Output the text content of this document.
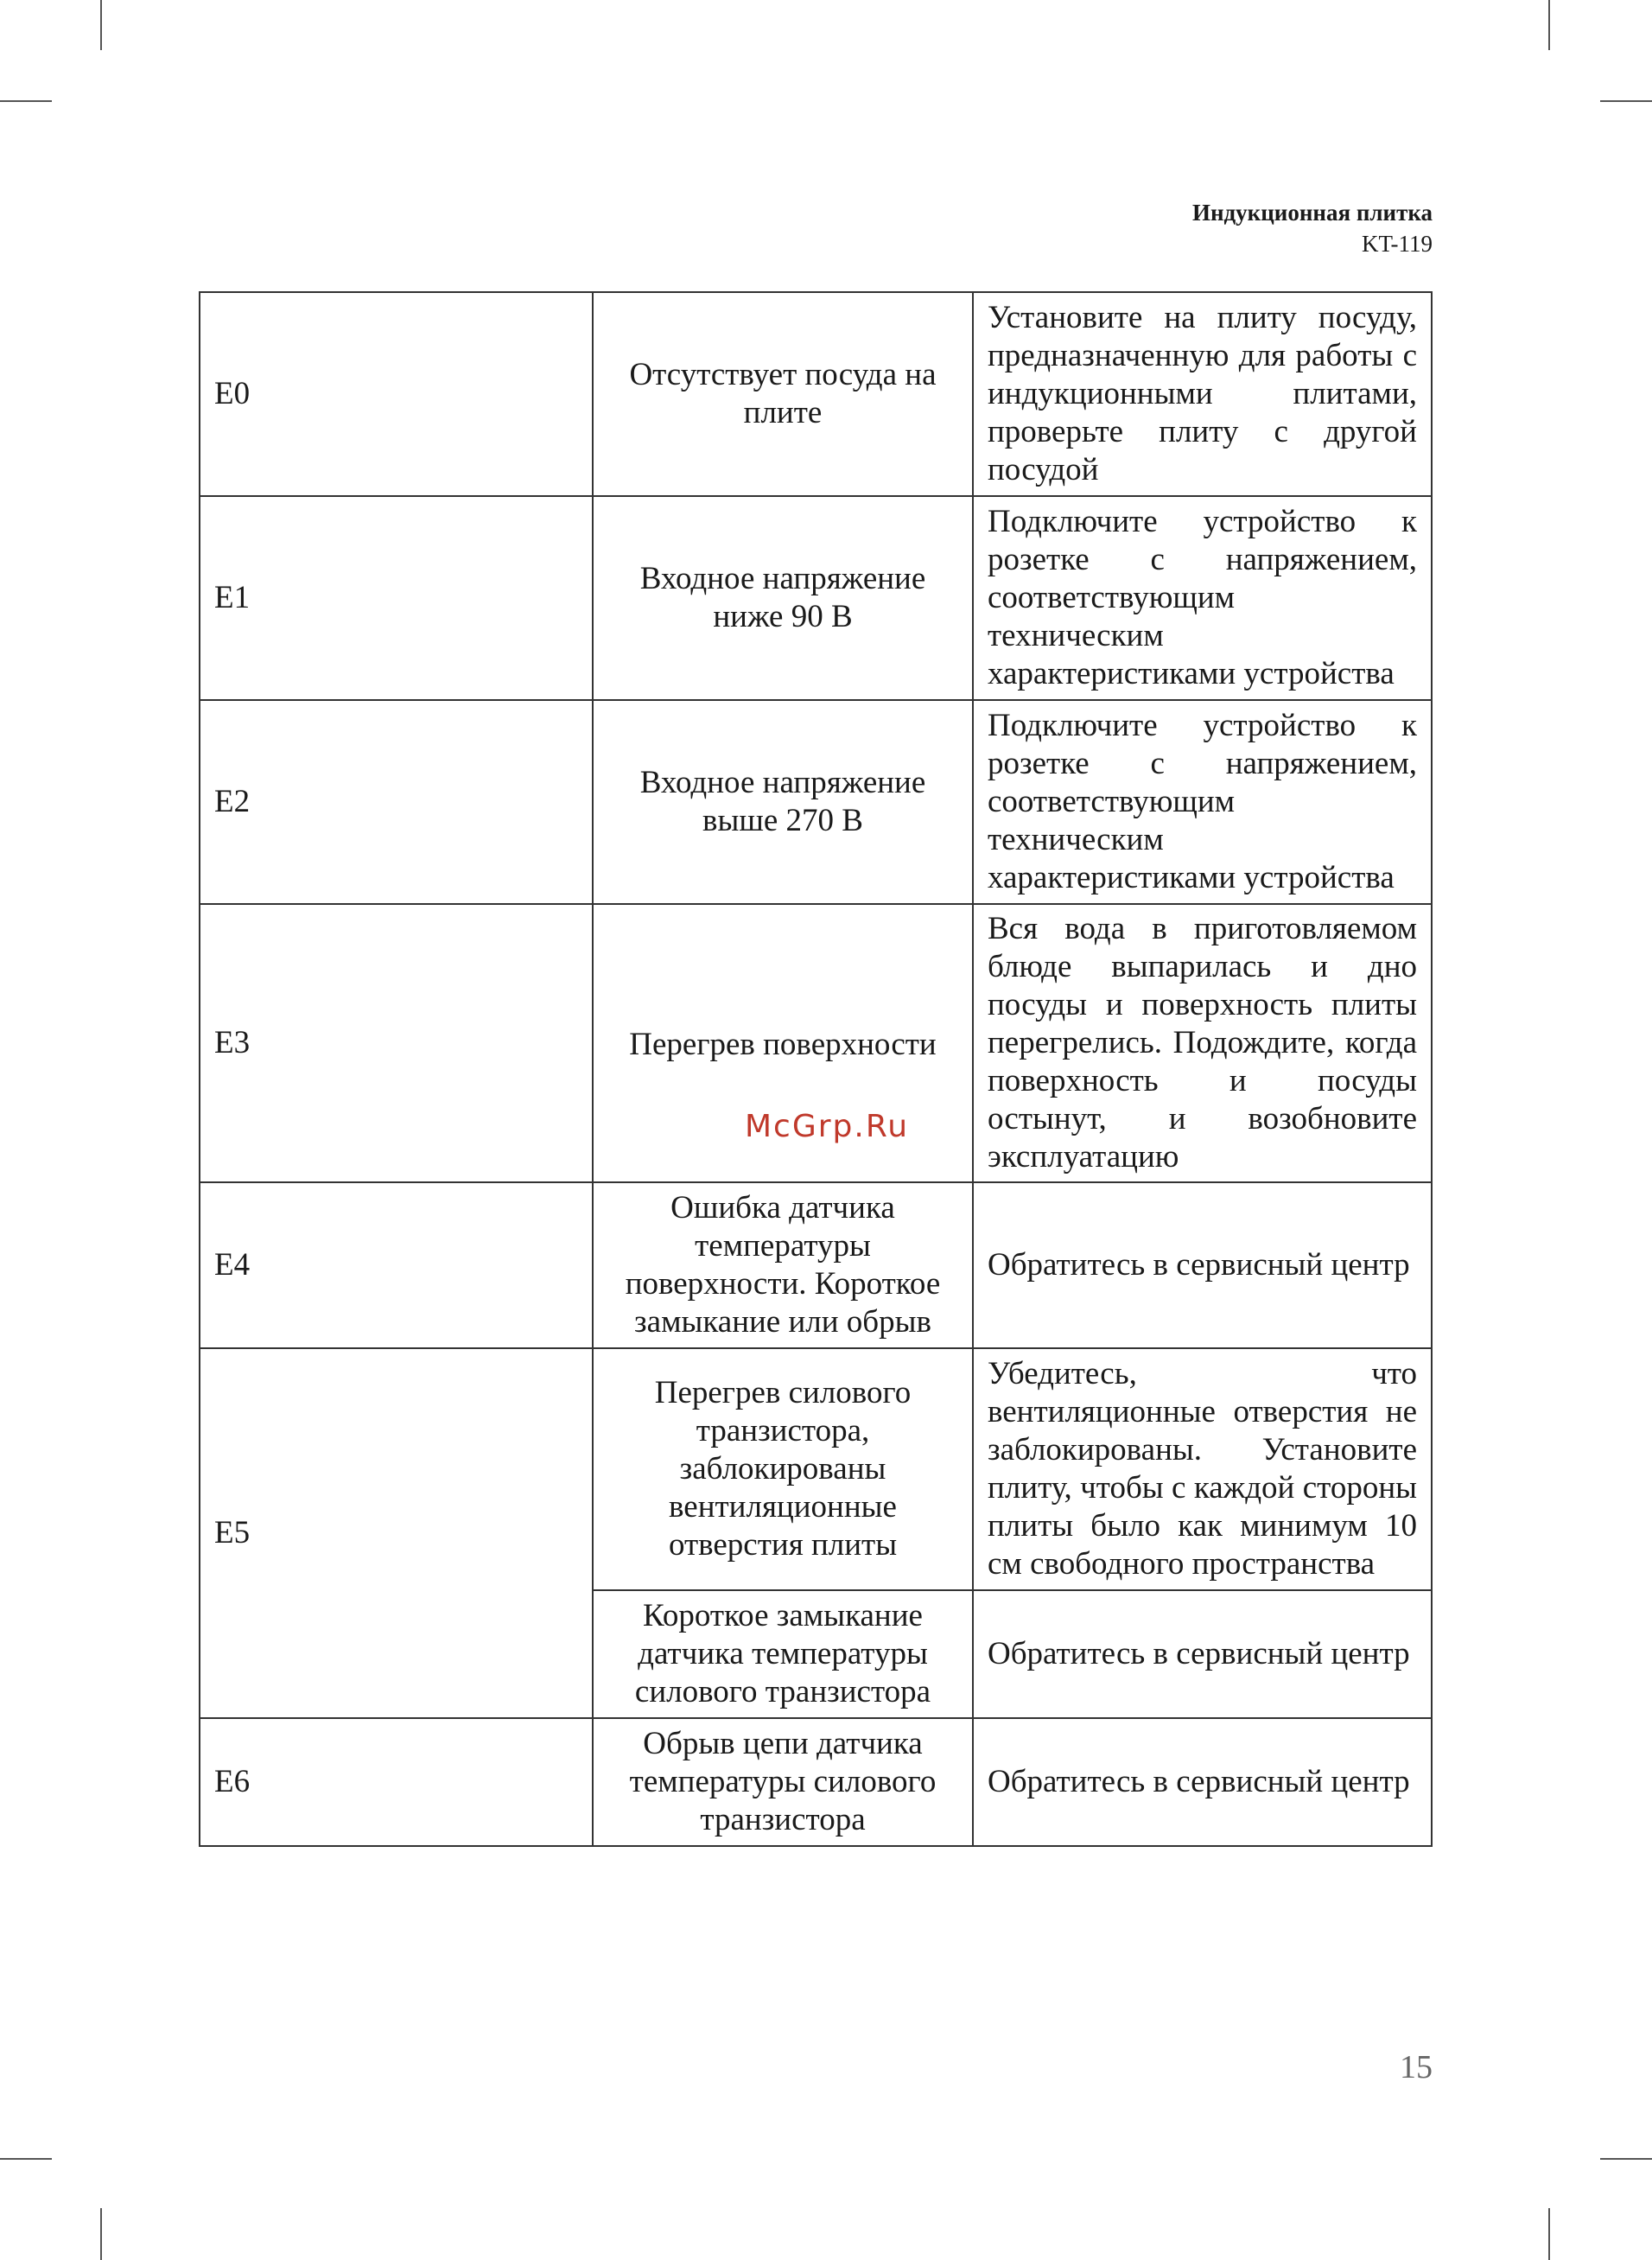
Индукционная плитка
KT-119
E0	Отсутствует посуда на плите	Установите на плиту посуду, предназначенную для работы с индукционными плитами, проверьте плиту с другой посудой
E1	Входное напряжение ниже 90 В	Подключите устройство к розетке с напряжением, соответствующим техническим характеристиками устройства
E2	Входное напряжение выше 270 В	Подключите устройство к розетке с напряжением, соответствующим техническим характеристиками устройства
E3	Перегрев поверхности	Вся вода в приготовляемом блюде выпарилась и дно посуды и поверхность плиты перегрелись. Подождите, когда поверхность и посуды остынут, и возобновите эксплуатацию
E4	Ошибка датчика температуры поверхности. Короткое замыкание или обрыв	Обратитесь в сервисный центр
E5	Перегрев силового транзистора, заблокированы вентиляционные отверстия плиты	Убедитесь, что вентиляционные отверстия не заблокированы. Установите плиту, чтобы с каждой стороны плиты было как минимум 10 см свободного пространства
	Короткое замыкание датчика температуры силового транзистора	Обратитесь в сервисный центр
E6	Обрыв цепи датчика температуры силового транзистора	Обратитесь в сервисный центр
McGrp.Ru
15
